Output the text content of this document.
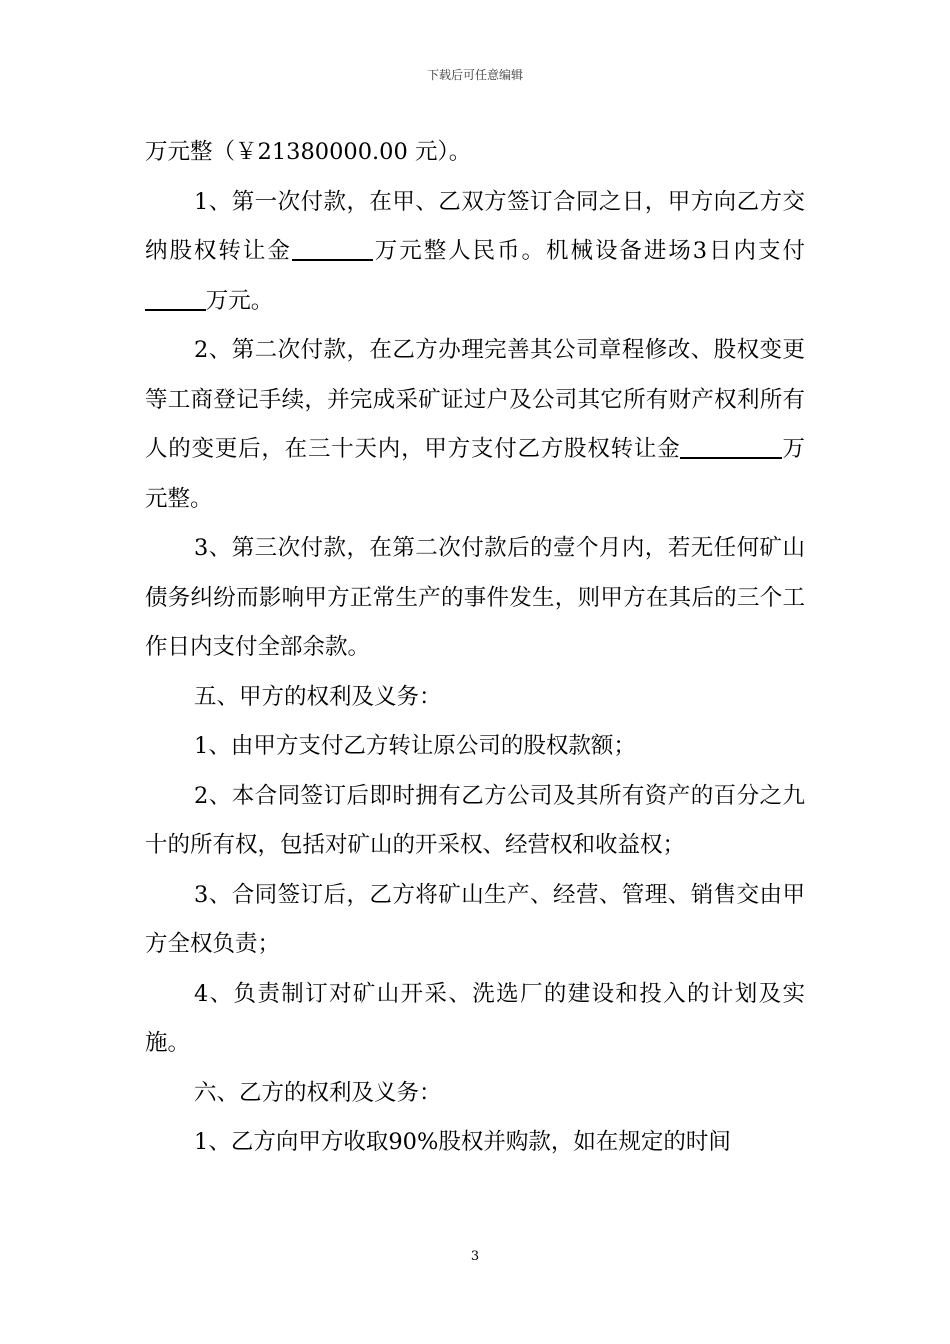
下载后可任意编辑

万元整（￥21380000.00 元）。

1、第一次付款，在甲、乙双方签订合同之日，甲方向乙方交纳股权转让金	万元整人民币。机械设备进场3日内支付万元。

2、第二次付款，在乙方办理完善其公司章程修改、股权变更等工商登记手续，并完成采矿证过户及公司其它所有财产权利所有人的变更后，在三十天内，甲方支付乙方股权转让金	万元整。

3、第三次付款，在第二次付款后的壹个月内，若无任何矿山债务纠纷而影响甲方正常生产的事件发生，则甲方在其后的三个工作日内支付全部余款。

五、甲方的权利及义务：

1、由甲方支付乙方转让原公司的股权款额；

2、本合同签订后即时拥有乙方公司及其所有资产的百分之九十的所有权，包括对矿山的开采权、经营权和收益权；

3、合同签订后，乙方将矿山生产、经营、管理、销售交由甲方全权负责；

4、负责制订对矿山开采、洗选厂的建设和投入的计划及实施。

六、乙方的权利及义务：

1、乙方向甲方收取90%股权并购款，如在规定的时间

3
